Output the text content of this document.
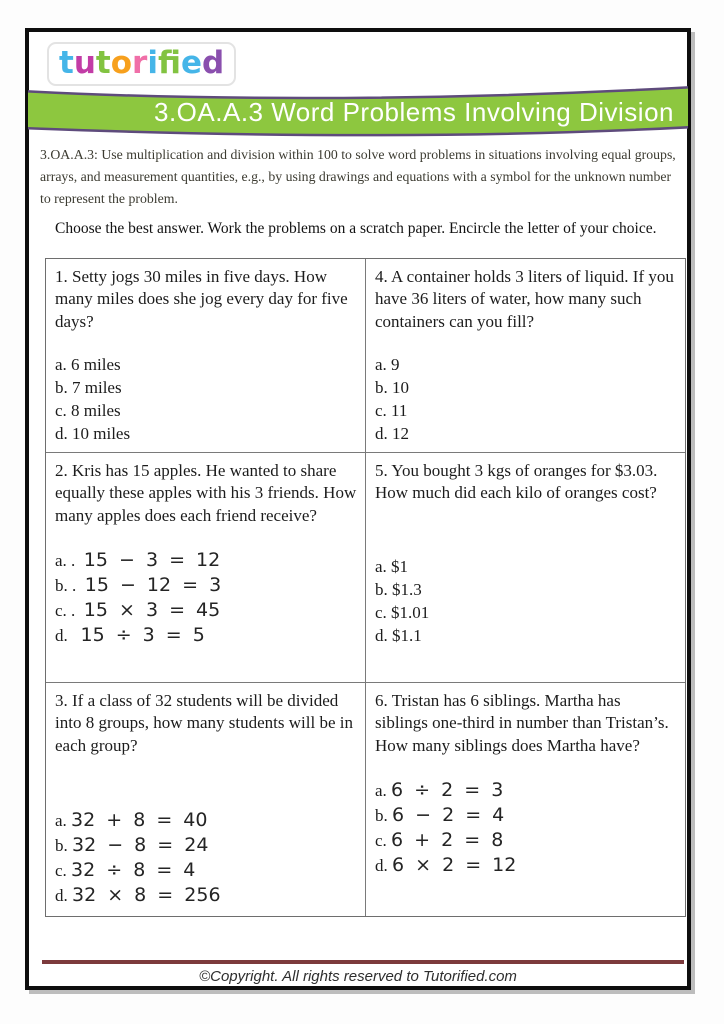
tutorifed
3.OA.A.3 Word Problems Involving Division

3.OA.A.3: Use multiplication and division within 100 to solve word problems in situations involving equal groups, arrays, and measurement quantities, e.g., by using drawings and equations with a symbol for the unknown number to represent the problem.

Choose the best answer. Work the problems on a scratch paper. Encircle the letter of your choice.

1. Setty jogs 30 miles in five days. How many miles does she jog every day for five days?
a. 6 miles
b. 7 miles
c. 8 miles
d. 10 miles
4. A container holds 3 liters of liquid. If you have 36 liters of water, how many such containers can you fill?
a. 9
b. 10
c. 11
d. 12
2. Kris has 15 apples. He wanted to share equally these apples with his 3 friends. How many apples does each friend receive?
a. .  15 − 3 = 12
b. .  15 − 12 = 3
c. .  15 × 3 = 45
d.   15 ÷ 3 = 5
5. You bought 3 kgs of oranges for $3.03. How much did each kilo of oranges cost?
a. $1
b. $1.3
c. $1.01
d. $1.1
3. If a class of 32 students will be divided into 8 groups, how many students will be in each group?
a. 32 + 8 = 40
b. 32 − 8 = 24
c. 32 ÷ 8 = 4
d. 32 × 8 = 256
6. Tristan has 6 siblings. Martha has siblings one-third in number than Tristan’s. How many siblings does Martha have?
a. 6 ÷ 2 = 3
b. 6 − 2 = 4
c. 6 + 2 = 8
d. 6 × 2 = 12
©Copyright. All rights reserved to Tutorified.com
